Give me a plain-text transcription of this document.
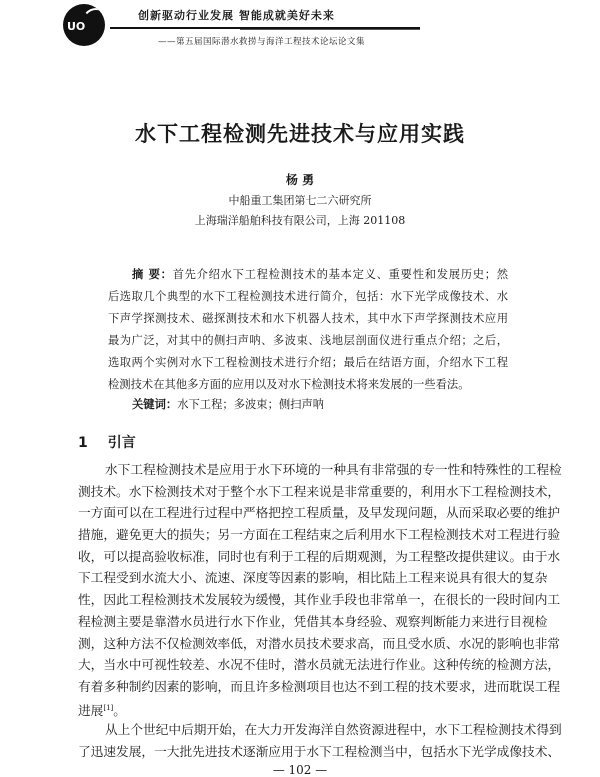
UO
创新驱动行业发展 智能成就美好未来
——第五届国际潜水救捞与海洋工程技术论坛论文集
水下工程检测先进技术与应用实践
杨 勇
中船重工集团第七二六研究所
上海瑞洋船舶科技有限公司，上海 201108
摘 要：首先介绍水下工程检测技术的基本定义、重要性和发展历史；然
后选取几个典型的水下工程检测技术进行简介，包括：水下光学成像技术、水
下声学探测技术、磁探测技术和水下机器人技术，其中水下声学探测技术应用
最为广泛，对其中的侧扫声呐、多波束、浅地层剖面仪进行重点介绍；之后，
选取两个实例对水下工程检测技术进行介绍；最后在结语方面，介绍水下工程
检测技术在其他多方面的应用以及对水下检测技术将来发展的一些看法。
关键词：水下工程；多波束；侧扫声呐
1 引言
水下工程检测技术是应用于水下环境的一种具有非常强的专一性和特殊性的工程检
测技术。水下检测技术对于整个水下工程来说是非常重要的，利用水下工程检测技术，
一方面可以在工程进行过程中严格把控工程质量，及早发现问题，从而采取必要的维护
措施，避免更大的损失；另一方面在工程结束之后利用水下工程检测技术对工程进行验
收，可以提高验收标准，同时也有利于工程的后期观测，为工程整改提供建议。由于水
下工程受到水流大小、流速、深度等因素的影响，相比陆上工程来说具有很大的复杂
性，因此工程检测技术发展较为缓慢，其作业手段也非常单一，在很长的一段时间内工
程检测主要是靠潜水员进行水下作业，凭借其本身经验、观察判断能力来进行目视检
测，这种方法不仅检测效率低，对潜水员技术要求高，而且受水质、水况的影响也非常
大，当水中可视性较差、水况不佳时，潜水员就无法进行作业。这种传统的检测方法，
有着多种制约因素的影响，而且许多检测项目也达不到工程的技术要求，进而耽误工程
进展[1]。
从上个世纪中后期开始，在大力开发海洋自然资源进程中，水下工程检测技术得到
了迅速发展，一大批先进技术逐渐应用于水下工程检测当中，包括水下光学成像技术、
— 102 —
